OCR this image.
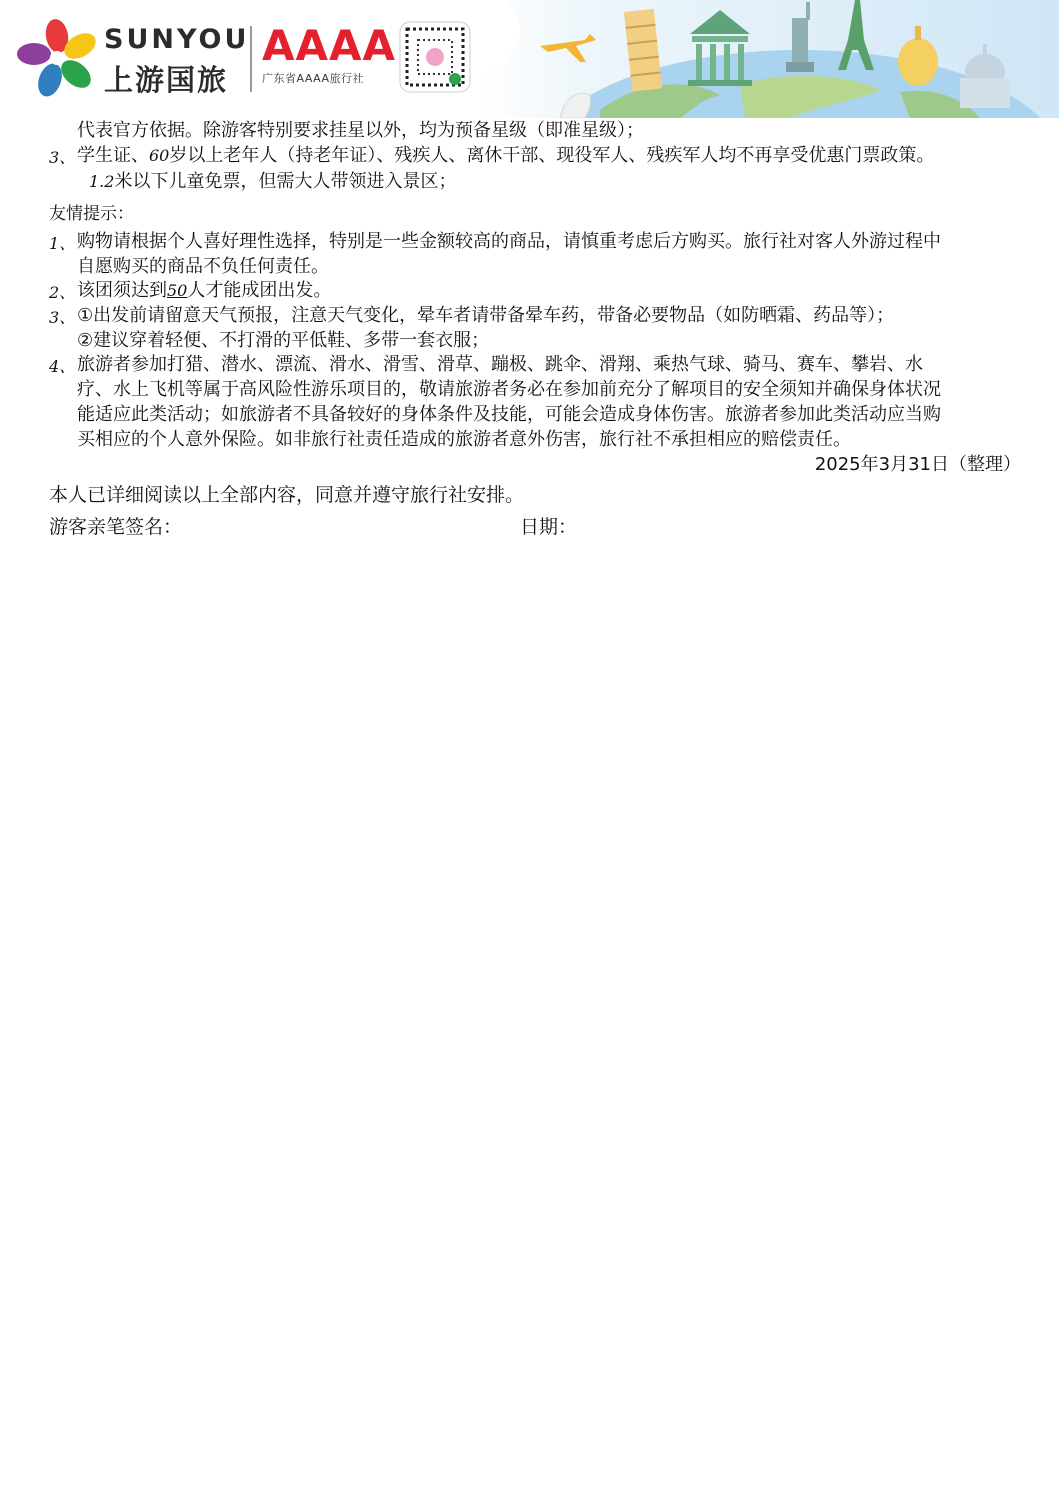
SUNYOU
上游国旅
AAAA
广东省AAAA旅行社
代表官方依据。除游客特别要求挂星以外，均为预备星级（即准星级）；
3、 学生证、60岁以上老年人（持老年证）、残疾人、离休干部、现役军人、残疾军人均不再享受优惠门票政策。
1.2米以下儿童免票，但需大人带领进入景区；
友情提示：
1、 购物请根据个人喜好理性选择，特别是一些金额较高的商品，请慎重考虑后方购买。旅行社对客人外游过程中
自愿购买的商品不负任何责任。
2、 该团须达到50人才能成团出发。
3、 ①出发前请留意天气预报，注意天气变化，晕车者请带备晕车药，带备必要物品（如防晒霜、药品等）；
②建议穿着轻便、不打滑的平低鞋、多带一套衣服；
4、 旅游者参加打猎、潜水、漂流、滑水、滑雪、滑草、蹦极、跳伞、滑翔、乘热气球、骑马、赛车、攀岩、水
疗、水上飞机等属于高风险性游乐项目的，敬请旅游者务必在参加前充分了解项目的安全须知并确保身体状况
能适应此类活动；如旅游者不具备较好的身体条件及技能，可能会造成身体伤害。旅游者参加此类活动应当购
买相应的个人意外保险。如非旅行社责任造成的旅游者意外伤害，旅行社不承担相应的赔偿责任。
2025年3月31日（整理）
本人已详细阅读以上全部内容，同意并遵守旅行社安排。
游客亲笔签名：	日期：
